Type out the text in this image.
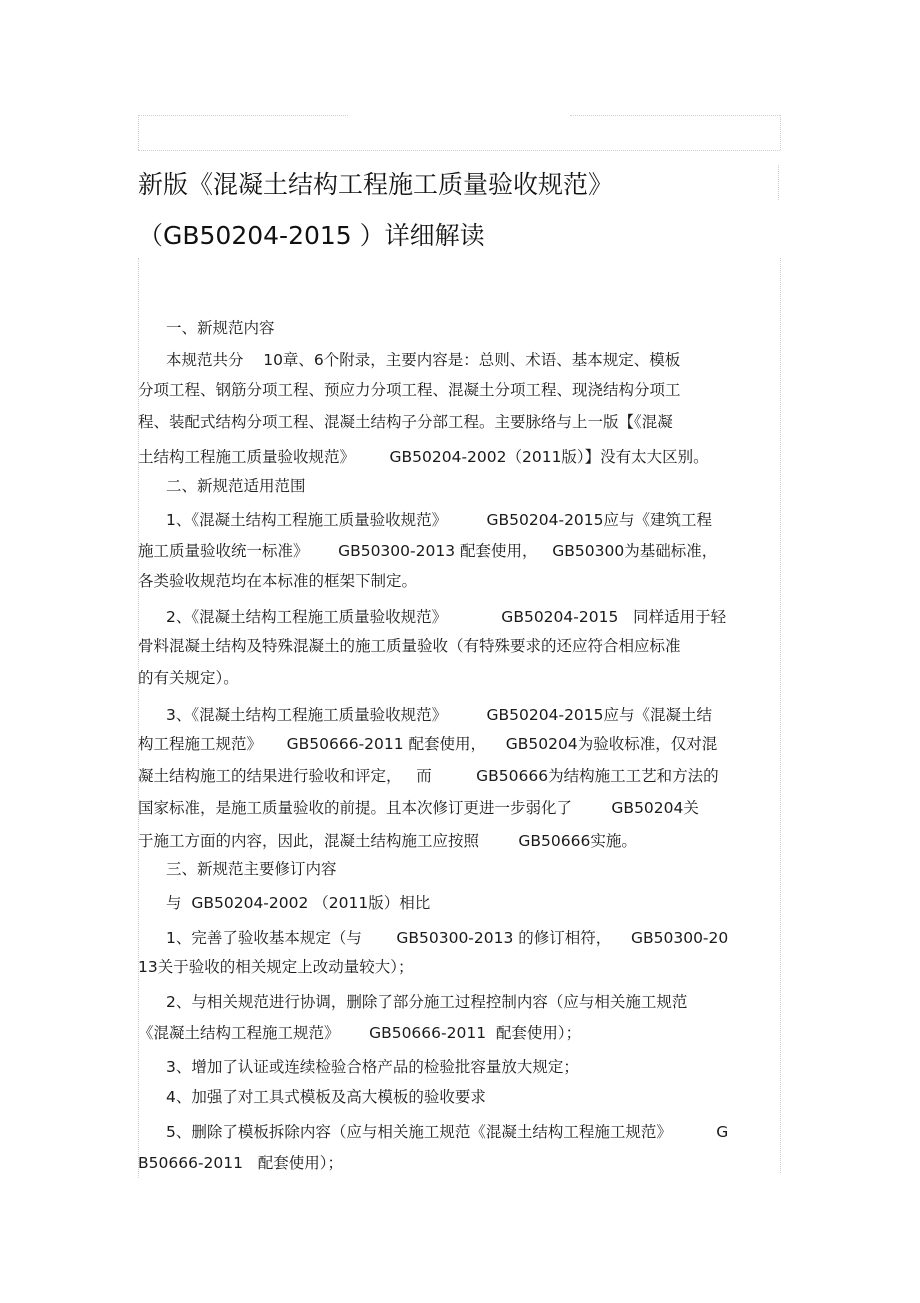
新版《混凝土结构工程施工质量验收规范》
（GB50204-2015 ）详细解读
一、新规范内容
本规范共分    10章、6个附录，主要内容是：总则、术语、基本规定、模板
分项工程、钢筋分项工程、预应力分项工程、混凝土分项工程、现浇结构分项工
程、装配式结构分项工程、混凝土结构子分部工程。主要脉络与上一版【《混凝
土结构工程施工质量验收规范》       GB50204-2002（2011版）】没有太大区别。
二、新规范适用范围
1、《混凝土结构工程施工质量验收规范》        GB50204-2015应与《建筑工程
施工质量验收统一标准》      GB50300-2013 配套使用，   GB50300为基础标准，
各类验收规范均在本标准的框架下制定。
2、《混凝土结构工程施工质量验收规范》           GB50204-2015   同样适用于轻
骨料混凝土结构及特殊混凝土的施工质量验收（有特殊要求的还应符合相应标准
的有关规定）。
3、《混凝土结构工程施工质量验收规范》        GB50204-2015应与《混凝土结
构工程施工规范》     GB50666-2011 配套使用，    GB50204为验收标准，仅对混
凝土结构施工的结果进行验收和评定，   而         GB50666为结构施工工艺和方法的
国家标准，是施工质量验收的前提。且本次修订更进一步弱化了        GB50204关
于施工方面的内容，因此，混凝土结构施工应按照        GB50666实施。
三、新规范主要修订内容
与  GB50204-2002 （2011版）相比
1、完善了验收基本规定（与       GB50300-2013 的修订相符，    GB50300-20
13关于验收的相关规定上改动量较大）；
2、与相关规范进行协调，删除了部分施工过程控制内容（应与相关施工规范
《混凝土结构工程施工规范》      GB50666-2011  配套使用）；
3、增加了认证或连续检验合格产品的检验批容量放大规定；
4、加强了对工具式模板及高大模板的验收要求
5、删除了模板拆除内容（应与相关施工规范《混凝土结构工程施工规范》         G
B50666-2011   配套使用）；
